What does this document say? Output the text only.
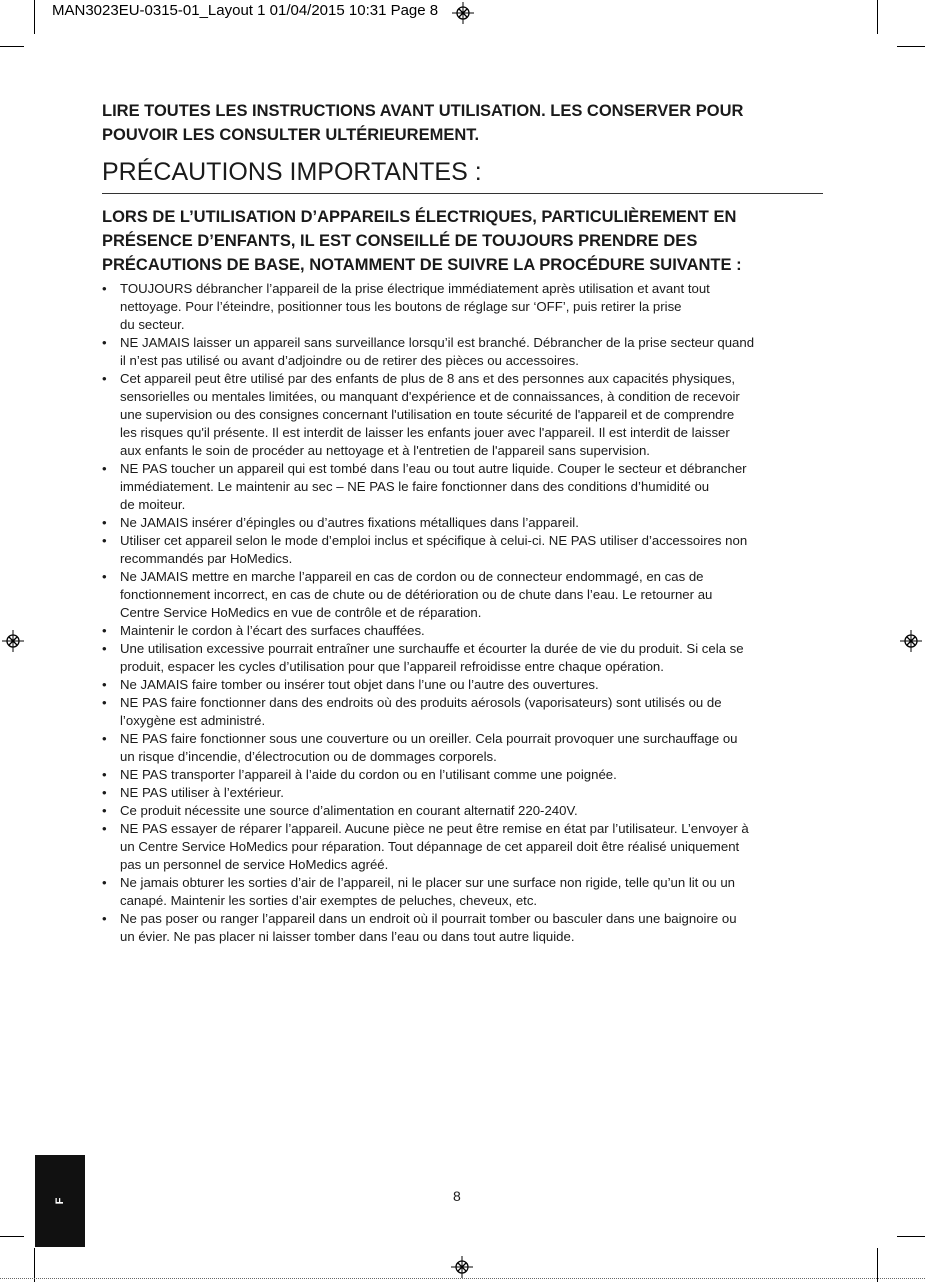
MAN3023EU-0315-01_Layout 1 01/04/2015 10:31 Page 8
LIRE TOUTES LES INSTRUCTIONS AVANT UTILISATION. LES CONSERVER POUR
POUVOIR LES CONSULTER ULTÉRIEUREMENT.
PRÉCAUTIONS IMPORTANTES :
LORS DE L’UTILISATION D’APPAREILS ÉLECTRIQUES, PARTICULIÈREMENT EN
PRÉSENCE D’ENFANTS, IL EST CONSEILLÉ DE TOUJOURS PRENDRE DES
PRÉCAUTIONS DE BASE, NOTAMMENT DE SUIVRE LA PROCÉDURE SUIVANTE :
• TOUJOURS débrancher l’appareil de la prise électrique immédiatement après utilisation et avant tout
nettoyage. Pour l’éteindre, positionner tous les boutons de réglage sur ‘OFF’, puis retirer la prise
du secteur.
• NE JAMAIS laisser un appareil sans surveillance lorsqu’il est branché. Débrancher de la prise secteur quand
il n’est pas utilisé ou avant d’adjoindre ou de retirer des pièces ou accessoires.
• Cet appareil peut être utilisé par des enfants de plus de 8 ans et des personnes aux capacités physiques,
sensorielles ou mentales limitées, ou manquant d'expérience et de connaissances, à condition de recevoir
une supervision ou des consignes concernant l'utilisation en toute sécurité de l'appareil et de comprendre
les risques qu'il présente. Il est interdit de laisser les enfants jouer avec l'appareil. Il est interdit de laisser
aux enfants le soin de procéder au nettoyage et à l'entretien de l'appareil sans supervision.
• NE PAS toucher un appareil qui est tombé dans l’eau ou tout autre liquide. Couper le secteur et débrancher
immédiatement. Le maintenir au sec – NE PAS le faire fonctionner dans des conditions d’humidité ou
de moiteur.
• Ne JAMAIS insérer d’épingles ou d’autres fixations métalliques dans l’appareil.
• Utiliser cet appareil selon le mode d’emploi inclus et spécifique à celui-ci. NE PAS utiliser d’accessoires non
recommandés par HoMedics.
• Ne JAMAIS mettre en marche l’appareil en cas de cordon ou de connecteur endommagé, en cas de
fonctionnement incorrect, en cas de chute ou de détérioration ou de chute dans l’eau. Le retourner au
Centre Service HoMedics en vue de contrôle et de réparation.
• Maintenir le cordon à l’écart des surfaces chauffées.
• Une utilisation excessive pourrait entraîner une surchauffe et écourter la durée de vie du produit. Si cela se
produit, espacer les cycles d’utilisation pour que l’appareil refroidisse entre chaque opération.
• Ne JAMAIS faire tomber ou insérer tout objet dans l’une ou l’autre des ouvertures.
• NE PAS faire fonctionner dans des endroits où des produits aérosols (vaporisateurs) sont utilisés ou de
l’oxygène est administré.
• NE PAS faire fonctionner sous une couverture ou un oreiller. Cela pourrait provoquer une surchauffage ou
un risque d’incendie, d’électrocution ou de dommages corporels.
• NE PAS transporter l’appareil à l’aide du cordon ou en l’utilisant comme une poignée.
• NE PAS utiliser à l’extérieur.
• Ce produit nécessite une source d’alimentation en courant alternatif 220-240V.
• NE PAS essayer de réparer l’appareil. Aucune pièce ne peut être remise en état par l’utilisateur. L’envoyer à
un Centre Service HoMedics pour réparation. Tout dépannage de cet appareil doit être réalisé uniquement
pas un personnel de service HoMedics agréé.
• Ne jamais obturer les sorties d’air de l’appareil, ni le placer sur une surface non rigide, telle qu’un lit ou un
canapé. Maintenir les sorties d’air exemptes de peluches, cheveux, etc.
• Ne pas poser ou ranger l’appareil dans un endroit où il pourrait tomber ou basculer dans une baignoire ou
un évier. Ne pas placer ni laisser tomber dans l’eau ou dans tout autre liquide.
8
F
